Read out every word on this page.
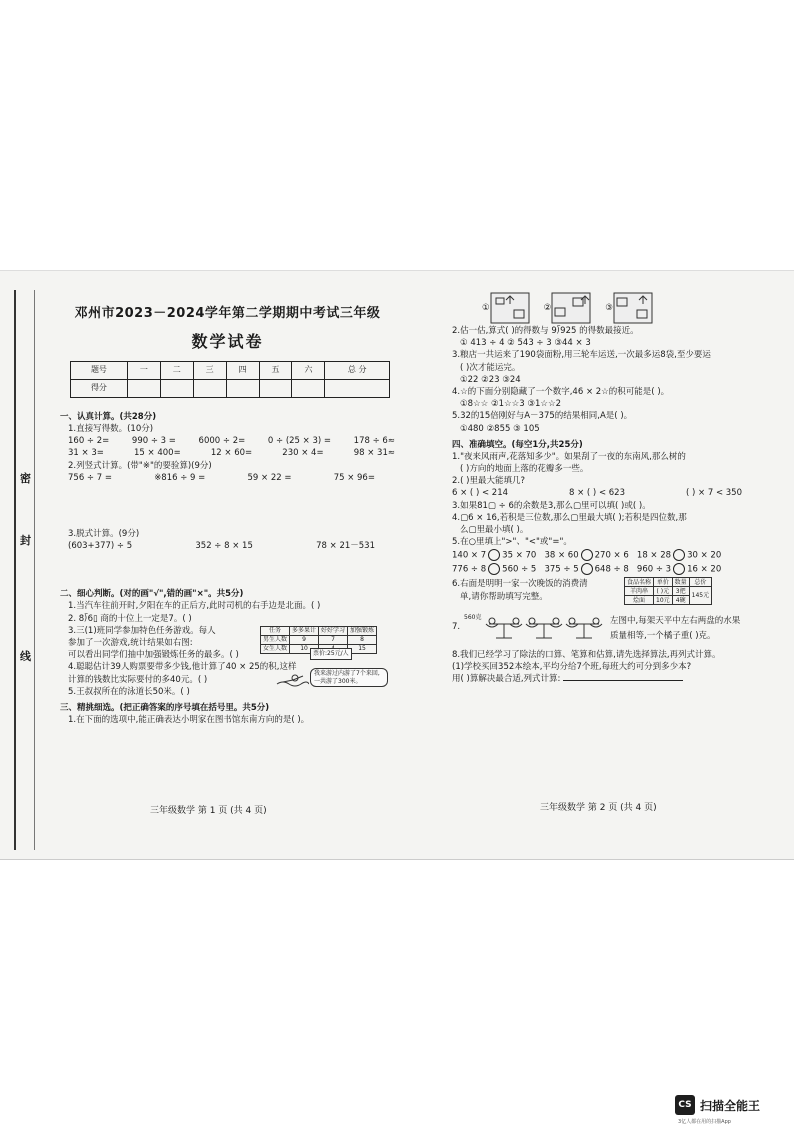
密
封
线
邓州市2023－2024学年第二学期期中考试三年级
数学试卷
题号	一	二	三	四	五	六	总 分
得分							
一、认真计算。(共28分)
1.直接写得数。(10分)
160 ÷ 2=	990 ÷ 3 =	6000 ÷ 2=	0 ÷ (25 × 3) =	178 ÷ 6≈
31 × 3=	15 × 400=	12 × 60=	230 × 4=	98 × 31≈
2.列竖式计算。(带"※"的要验算)(9分)
756 ÷ 7 =	※816 ÷ 9 =	59 × 22 =	75 × 96=
3.脱式计算。(9分)
(603+377) ÷ 5	352 ÷ 8 × 15	78 × 21－531
二、细心判断。(对的画"√",错的画"×"。共5分)
1.当汽车往前开时,夕阳在车的正后方,此时司机的右手边是北面。( )
2. 8⟌6▯ 商的十位上一定是7。( )
3.三(1)班同学参加特色任务游戏。每人
参加了一次游戏,统计结果如右图:
可以看出同学们抽中加强锻炼任务的最多。( )
任务	多多果计	好好学习	加强锻炼
男生人数	9	7	8
女生人数	10		15
4.聪聪估计39人购票要带多少钱,他计算了40 × 25的积,这样
计算的钱数比实际要付的多40元。( )
5.王叔叔所在的泳道长50米。( )
票价:25元/人
我来游过内游了7个来回,一共游了300米。
三、精挑细选。(把正确答案的序号填在括号里。共5分)
1.在下面的选项中,能正确表达小明家在图书馆东南方向的是( )。
三年级数学 第 1 页 (共 4 页)
①	②	③
2.估一估,算式( )的得数与 9⟌925 的得数最接近。
① 413 ÷ 4 ② 543 ÷ 3 ③44 × 3
3.粮店一共运来了190袋面粉,用三轮车运送,一次最多运8袋,至少要运
( )次才能运完。
①22 ②23 ③24
4.☆的下面分别隐藏了一个数字,46 × 2☆的积可能是( )。
①8☆☆ ②1☆☆3 ③1☆☆2
5.32的15倍刚好与A－375的结果相同,A是( )。
①480 ②855 ③ 105
四、准确填空。(每空1分,共25分)
1."夜来风雨声,花落知多少"。如果刮了一夜的东南风,那么树的
( )方向的地面上落的花瓣多一些。
2.( )里最大能填几?
6 × ( ) < 214	8 × ( ) < 623	( ) × 7 < 350
3.如果81▢ ÷ 6的余数是3,那么▢里可以填( )或( )。
4.▢6 × 16,若积是三位数,那么▢里最大填( );若积是四位数,那
么▢里最小填( )。
5.在○里填上">"、"<"或"="。
140 × 7 35 × 70 38 × 60 270 × 6 18 × 28 30 × 20
776 ÷ 8 560 ÷ 5 375 ÷ 5 648 ÷ 8 960 ÷ 3 16 × 20
6.右面是明明一家一次晚饭的消费清
单,请你帮助填写完整。
食品名称	单价	数量	总价
羊肉串	( )元	3把	145元
烩面	10元	4碗	
7.
560克	左图中,每架天平中左右两盘的水果
质量相等,一个橘子重( )克。
8.我们已经学习了除法的口算、笔算和估算,请先选择算法,再列式计算。
(1)学校买回352本绘本,平均分给7个班,每班大约可分到多少本?
用( )算解决最合适,列式计算:
三年级数学 第 2 页 (共 4 页)
CS 扫描全能王
3亿人都在用的扫描App
